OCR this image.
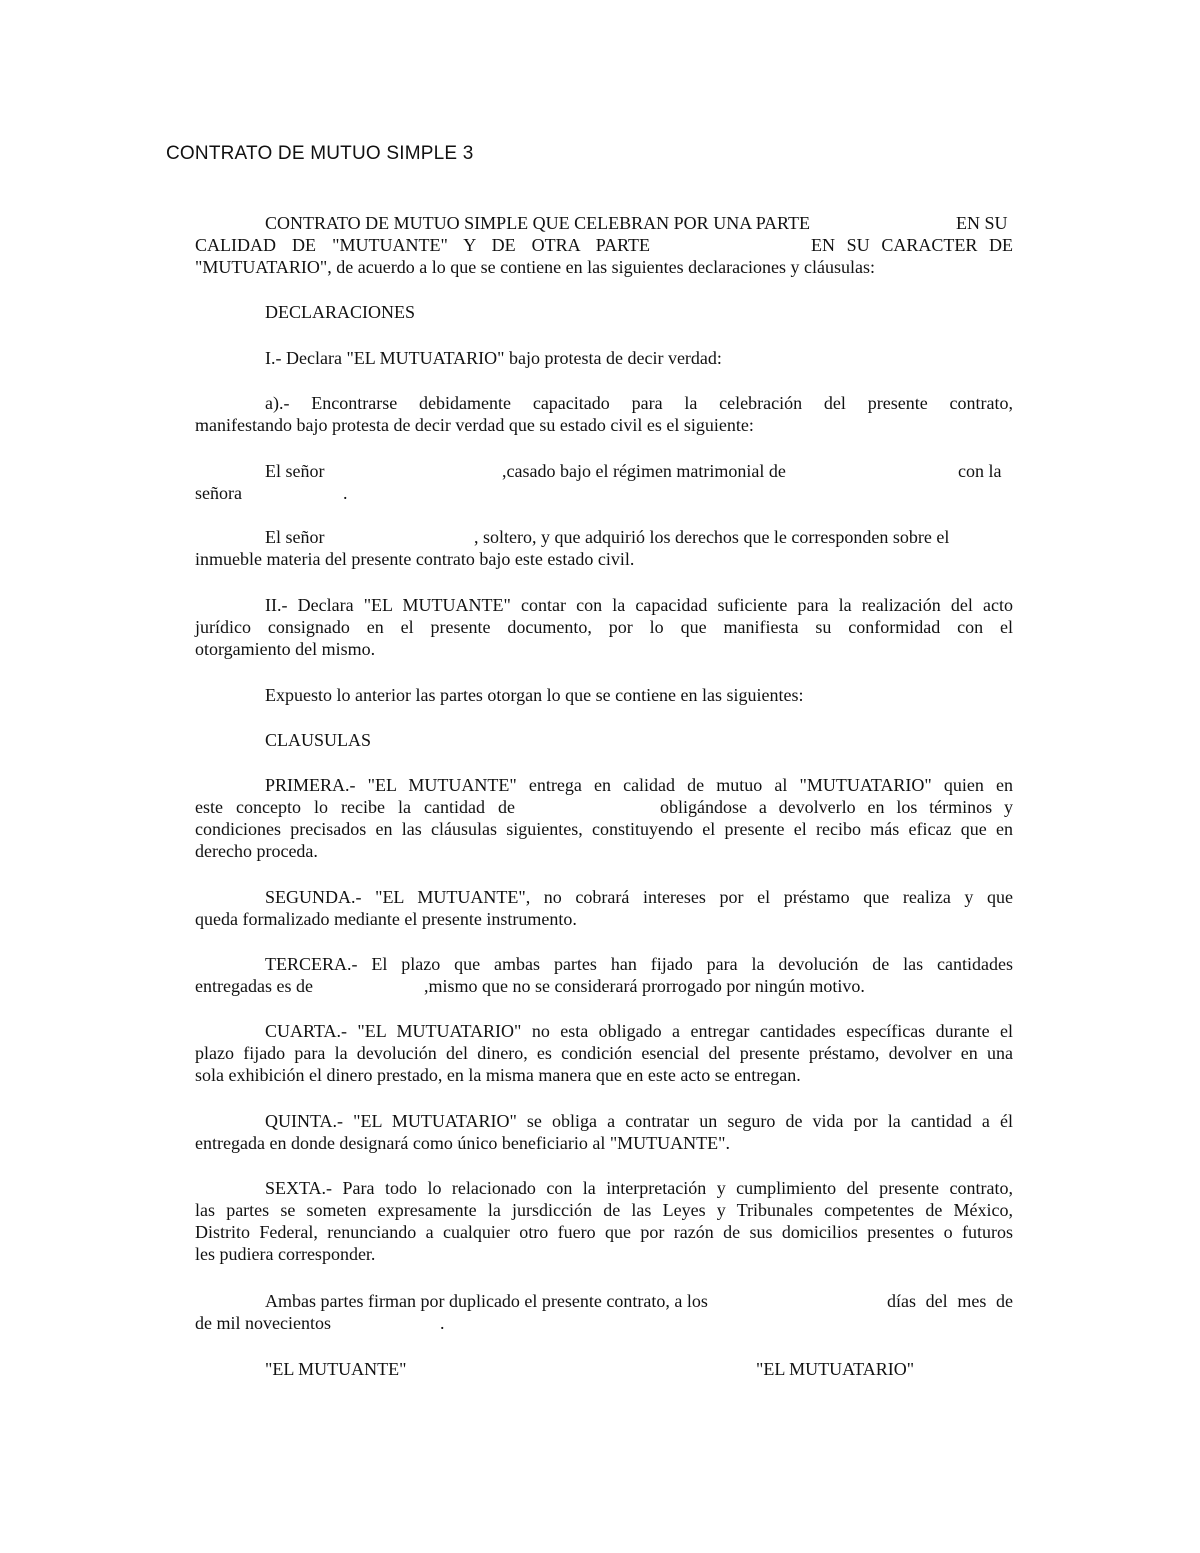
CONTRATO DE MUTUO SIMPLE 3
CONTRATO DE MUTUO SIMPLE QUE CELEBRAN POR UNA PARTE	EN SU
CALIDAD DE "MUTUANTE" Y DE OTRA PARTE	EN SU CARACTER DE
"MUTUATARIO", de acuerdo a lo que se contiene en las siguientes declaraciones y cláusulas:
DECLARACIONES
I.- Declara "EL MUTUATARIO" bajo protesta de decir verdad:
a).- Encontrarse debidamente capacitado para la celebración del presente contrato,
manifestando bajo protesta de decir verdad que su estado civil es el siguiente:
El señor	,casado bajo el régimen matrimonial de	con la
señora	.
El señor	, soltero, y que adquirió los derechos que le corresponden sobre el
inmueble materia del presente contrato bajo este estado civil.
II.- Declara "EL MUTUANTE" contar con la capacidad suficiente para la realización del acto
jurídico consignado en el presente documento, por lo que manifiesta su conformidad con el
otorgamiento del mismo.
Expuesto lo anterior las partes otorgan lo que se contiene en las siguientes:
CLAUSULAS
PRIMERA.- "EL MUTUANTE" entrega en calidad de mutuo al "MUTUATARIO" quien en
este concepto lo recibe la cantidad de	obligándose a devolverlo en los términos y
condiciones precisados en las cláusulas siguientes, constituyendo el presente el recibo más eficaz que en
derecho proceda.
SEGUNDA.- "EL MUTUANTE", no cobrará intereses por el préstamo que realiza y que
queda formalizado mediante el presente instrumento.
TERCERA.- El plazo que ambas partes han fijado para la devolución de las cantidades
entregadas es de	,mismo que no se considerará prorrogado por ningún motivo.
CUARTA.- "EL MUTUATARIO" no esta obligado a entregar cantidades específicas durante el
plazo fijado para la devolución del dinero, es condición esencial del presente préstamo, devolver en una
sola exhibición el dinero prestado, en la misma manera que en este acto se entregan.
QUINTA.- "EL MUTUATARIO" se obliga a contratar un seguro de vida por la cantidad a él
entregada en donde designará como único beneficiario al "MUTUANTE".
SEXTA.- Para todo lo relacionado con la interpretación y cumplimiento del presente contrato,
las partes se someten expresamente la jursdicción de las Leyes y Tribunales competentes de México,
Distrito Federal, renunciando a cualquier otro fuero que por razón de sus domicilios presentes o futuros
les pudiera corresponder.
Ambas partes firman por duplicado el presente contrato, a los	días del mes de
de mil novecientos	.
"EL MUTUANTE"	"EL MUTUATARIO"
